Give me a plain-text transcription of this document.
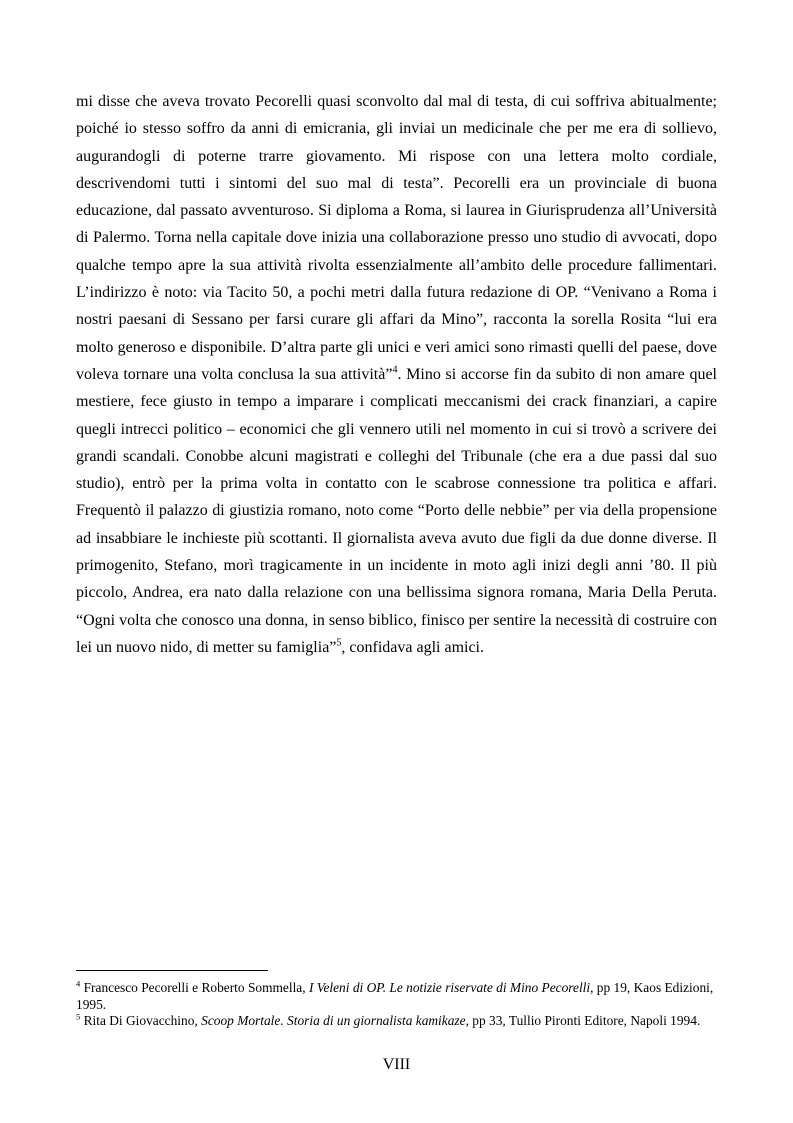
mi disse che aveva trovato Pecorelli quasi sconvolto dal mal di testa, di cui soffriva abitualmente; poiché io stesso soffro da anni di emicrania, gli inviai un medicinale che per me era di sollievo, augurandogli di poterne trarre giovamento. Mi rispose con una lettera molto cordiale, descrivendomi tutti i sintomi del suo mal di testa”. Pecorelli era un provinciale di buona educazione, dal passato avventuroso. Si diploma a Roma, si laurea in Giurisprudenza all’Università di Palermo. Torna nella capitale dove inizia una collaborazione presso uno studio di avvocati, dopo qualche tempo apre la sua attività rivolta essenzialmente all’ambito delle procedure fallimentari. L’indirizzo è noto: via Tacito 50, a pochi metri dalla futura redazione di OP. “Venivano a Roma i nostri paesani di Sessano per farsi curare gli affari da Mino”, racconta la sorella Rosita “lui era molto generoso e disponibile. D’altra parte gli unici e veri amici sono rimasti quelli del paese, dove voleva tornare una volta conclusa la sua attività”$^4$. Mino si accorse fin da subito di non amare quel mestiere, fece giusto in tempo a imparare i complicati meccanismi dei crack finanziari, a capire quegli intrecci politico – economici che gli vennero utili nel momento in cui si trovò a scrivere dei grandi scandali. Conobbe alcuni magistrati e colleghi del Tribunale (che era a due passi dal suo studio), entrò per la prima volta in contatto con le scabrose connessione tra politica e affari. Frequentò il palazzo di giustizia romano, noto come “Porto delle nebbie” per via della propensione ad insabbiare le inchieste più scottanti. Il giornalista aveva avuto due figli da due donne diverse. Il primogenito, Stefano, morì tragicamente in un incidente in moto agli inizi degli anni ’80. Il più piccolo, Andrea, era nato dalla relazione con una bellissima signora romana, Maria Della Peruta. “Ogni volta che conosco una donna, in senso biblico, finisco per sentire la necessità di costruire con lei un nuovo nido, di metter su famiglia”$^5$, confidava agli amici.

$^4$ Francesco Pecorelli e Roberto Sommella, I Veleni di OP. Le notizie riservate di Mino Pecorelli, pp 19, Kaos Edizioni, 1995.

$^5$ Rita Di Giovacchino, Scoop Mortale. Storia di un giornalista kamikaze, pp 33, Tullio Pironti Editore, Napoli 1994.

VIII
